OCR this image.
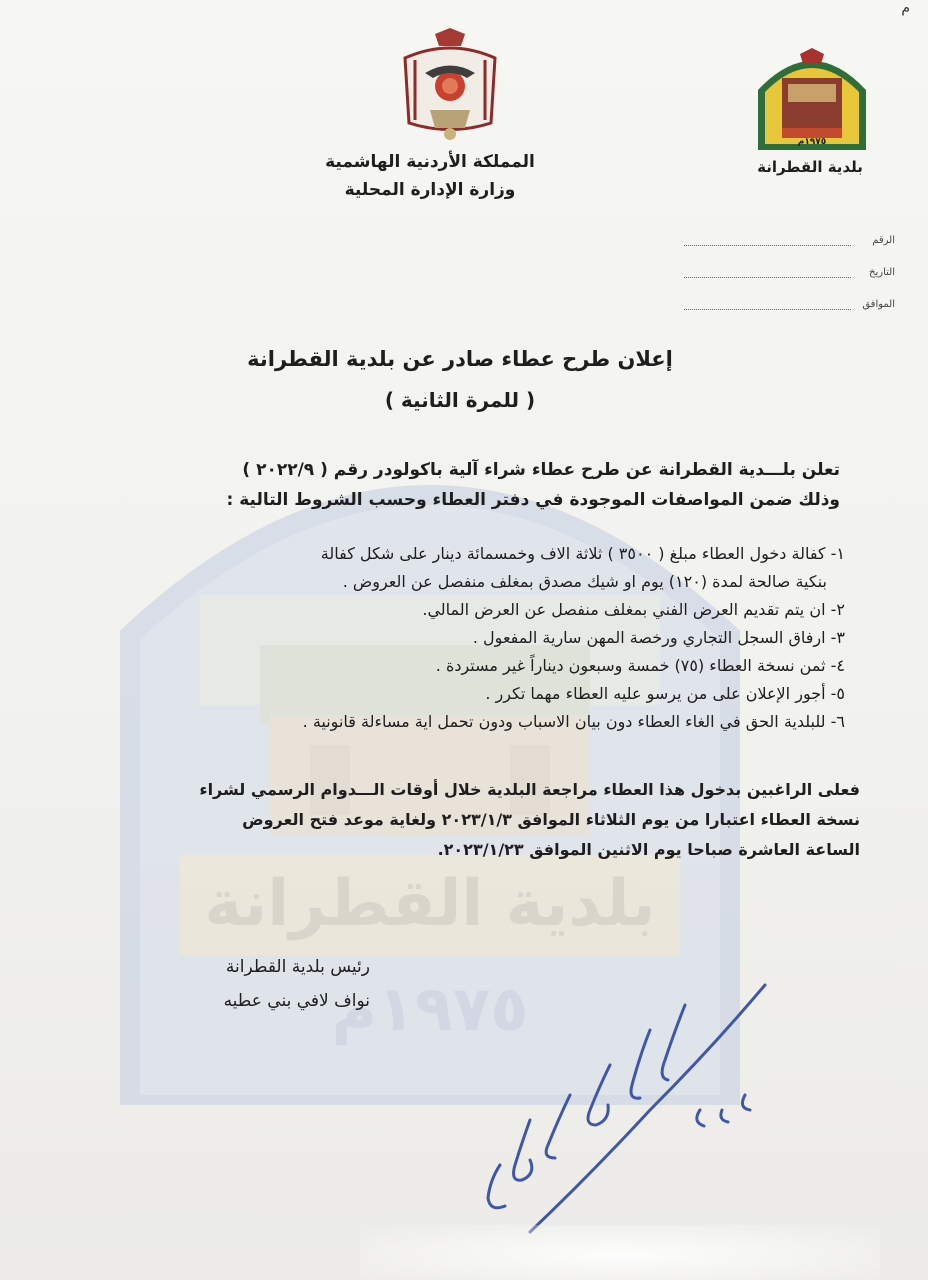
م
بلدية القطرانة
١٩٧٥م
المملكة الأردنية الهاشمية
وزارة الإدارة المحلية
١٩٧٥م
بلدية القطرانة
الرقم
التاريخ
الموافق
إعلان طرح عطاء صادر عن بلدية القطرانة
( للمرة الثانية )
تعلن بلـــدية القطرانة عن طرح عطاء شراء آلية باكولودر رقم ( ٢٠٢٢/٩ )
وذلك ضمن المواصفات الموجودة في دفتر العطاء وحسب الشروط التالية :
١- كفالة دخول العطاء مبلغ ( ٣٥٠٠ ) ثلاثة الاف وخمسمائة دينار على شكل كفالة
بنكية صالحة لمدة (١٢٠) يوم او شيك مصدق بمغلف منفصل عن العروض .
٢- ان يتم تقديم العرض الفني بمغلف منفصل عن العرض المالي.
٣- ارفاق السجل التجاري ورخصة المهن سارية المفعول .
٤- ثمن نسخة العطاء (٧٥) خمسة وسبعون ديناراً غير مستردة .
٥- أجور الإعلان على من يرسو عليه العطاء مهما تكرر .
٦- للبلدية الحق في الغاء العطاء دون بيان الاسباب ودون تحمل اية مساءلة قانونية .
فعلى الراغبين بدخول هذا العطاء مراجعة البلدية خلال أوقات الـــدوام الرسمي لشراء
نسخة العطاء اعتبارا من يوم الثلاثاء الموافق ٢٠٢٣/١/٣ ولغاية موعد فتح العروض
الساعة العاشرة صباحا يوم الاثنين الموافق ٢٠٢٣/١/٢٣.
رئيس بلدية القطرانة
نواف لافي بني عطيه
